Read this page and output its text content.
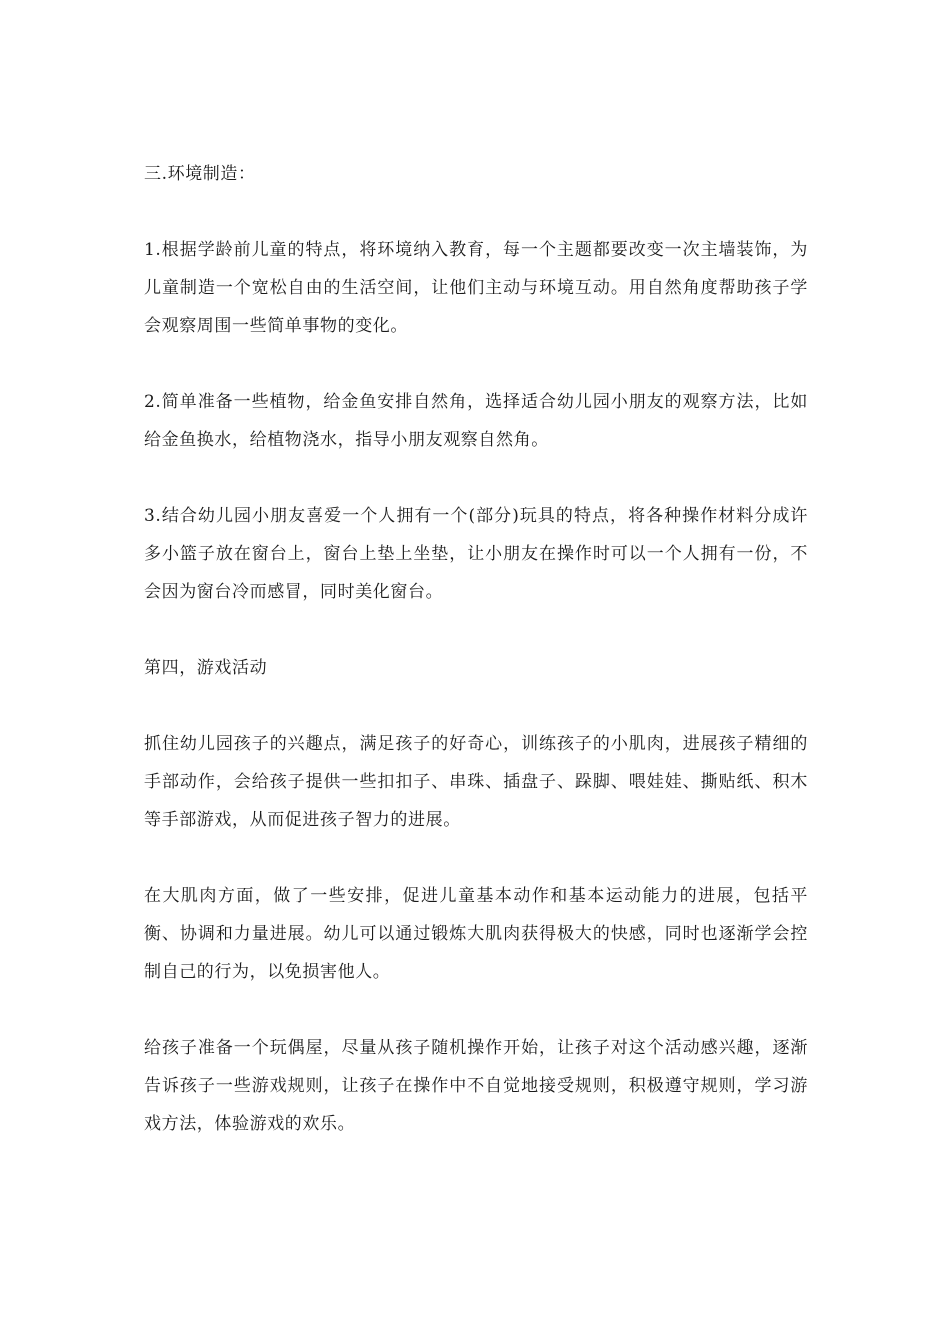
三.环境制造：

1.根据学龄前儿童的特点，将环境纳入教育，每一个主题都要改变一次主墙装饰，为儿童制造一个宽松自由的生活空间，让他们主动与环境互动。用自然角度帮助孩子学会观察周围一些简单事物的变化。

2.简单准备一些植物，给金鱼安排自然角，选择适合幼儿园小朋友的观察方法，比如给金鱼换水，给植物浇水，指导小朋友观察自然角。

3.结合幼儿园小朋友喜爱一个人拥有一个(部分)玩具的特点，将各种操作材料分成许多小篮子放在窗台上，窗台上垫上坐垫，让小朋友在操作时可以一个人拥有一份，不会因为窗台冷而感冒，同时美化窗台。

第四，游戏活动

抓住幼儿园孩子的兴趣点，满足孩子的好奇心，训练孩子的小肌肉，进展孩子精细的手部动作，会给孩子提供一些扣扣子、串珠、插盘子、跺脚、喂娃娃、撕贴纸、积木等手部游戏，从而促进孩子智力的进展。

在大肌肉方面，做了一些安排，促进儿童基本动作和基本运动能力的进展，包括平衡、协调和力量进展。幼儿可以通过锻炼大肌肉获得极大的快感，同时也逐渐学会控制自己的行为，以免损害他人。

给孩子准备一个玩偶屋，尽量从孩子随机操作开始，让孩子对这个活动感兴趣，逐渐告诉孩子一些游戏规则，让孩子在操作中不自觉地接受规则，积极遵守规则，学习游戏方法，体验游戏的欢乐。
